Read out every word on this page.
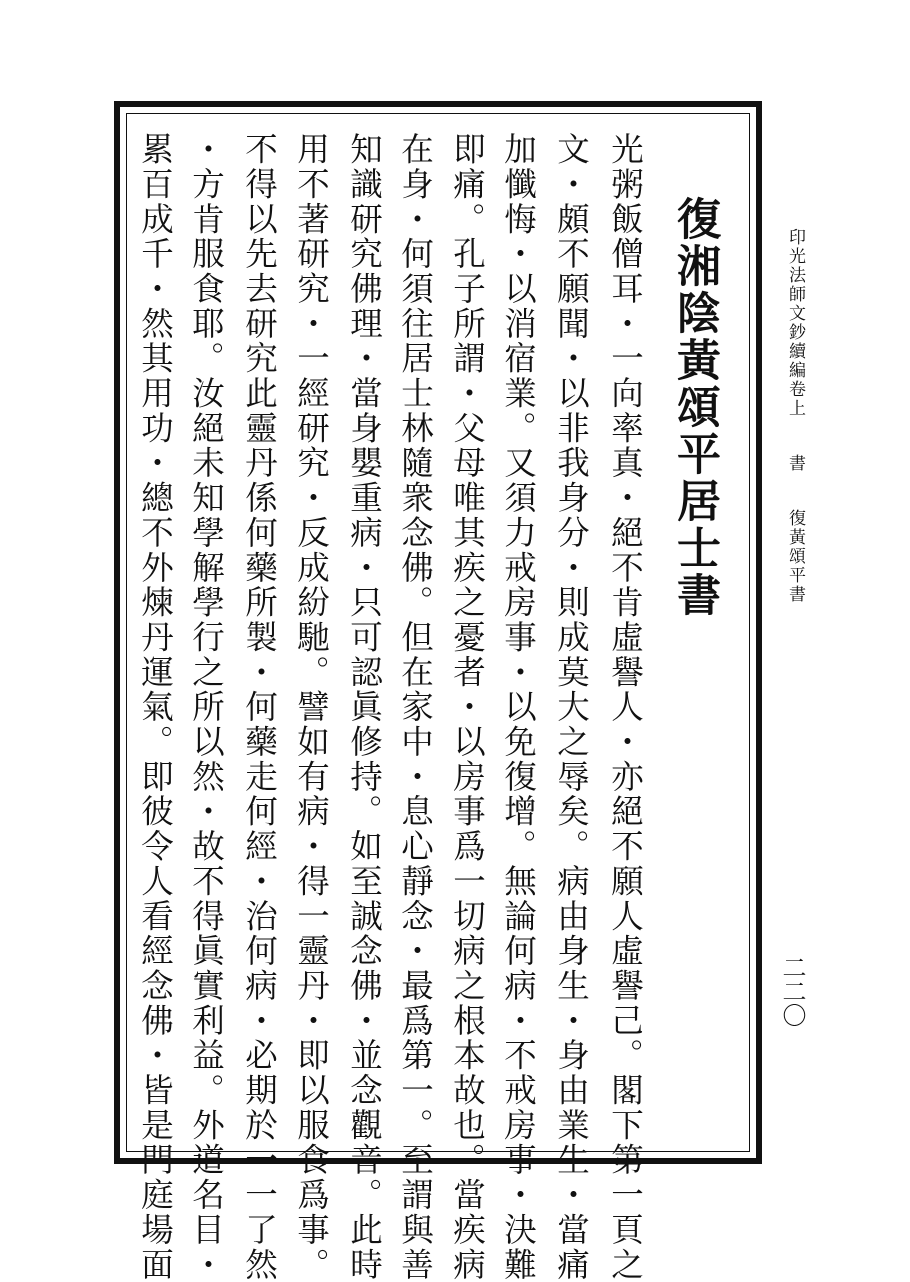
復湘陰黃頌平居士書

光粥飯僧耳・一向率真・絕不肯虛譽人・亦絕不願人虛譽己。閣下第一頁之

文・頗不願聞・以非我身分・則成莫大之辱矣。病由身生・身由業生・當痛

加懺悔・以消宿業。又須力戒房事・以免復增。無論何病・不戒房事・決難

即痛。孔子所謂・父母唯其疾之憂者・以房事爲一切病之根本故也。當疾病

在身・何須往居士林隨衆念佛。但在家中・息心靜念・最爲第一。至謂與善

知識研究佛理・當身嬰重病・只可認眞修持。如至誠念佛・並念觀音。此時

用不著研究・一經研究・反成紛馳。譬如有病・得一靈丹・即以服食爲事。

不得以先去研究此靈丹係何藥所製・何藥走何經・治何病・必期於一一了然

・方肯服食耶。汝絕未知學解學行之所以然・故不得眞實利益。外道名目・

累百成千・然其用功・總不外煉丹運氣。即彼令人看經念佛・皆是門庭場面	印光法師文鈔續編卷上 書 復黃頌平書
二二〇
